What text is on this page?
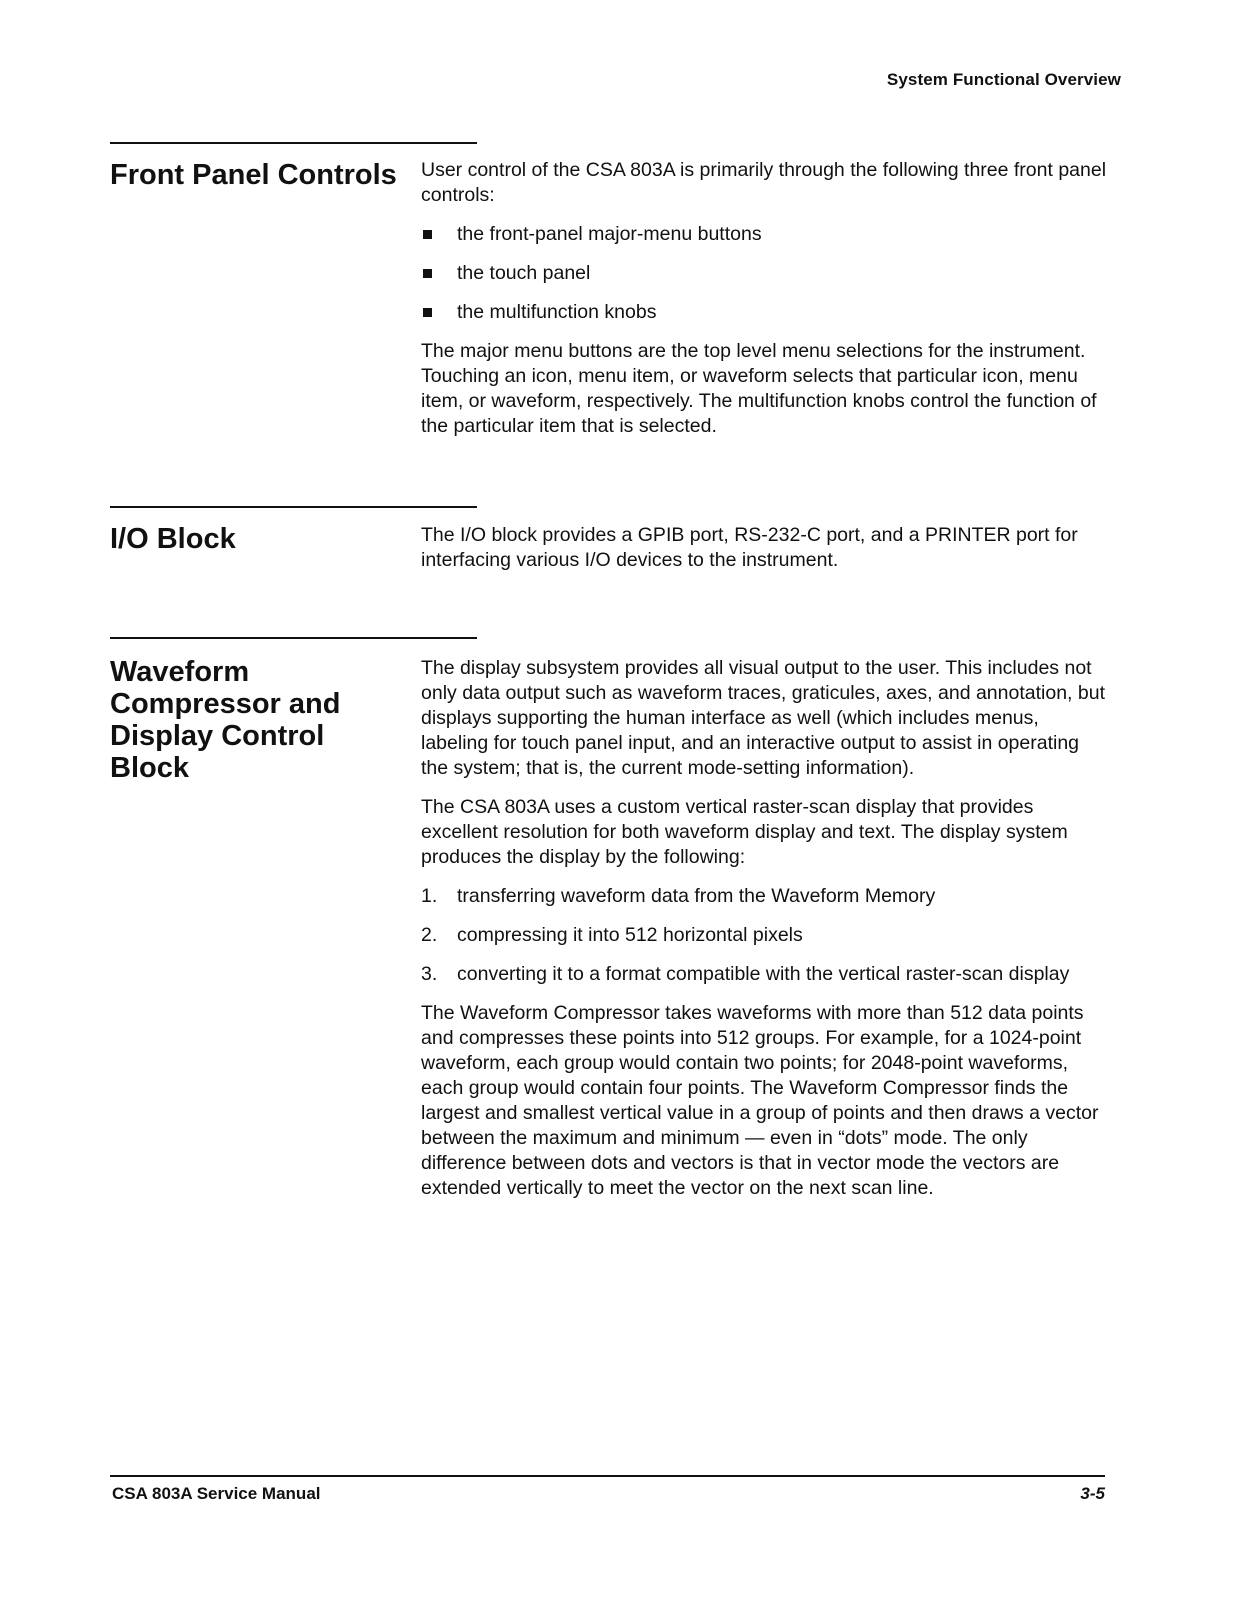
System Functional Overview
Front Panel Controls	User control of the CSA 803A is primarily through the following three front panel controls:

the front-panel major-menu buttons
the touch panel
the multifunction knobs

The major menu buttons are the top level menu selections for the instrument. Touching an icon, menu item, or waveform selects that particular icon, menu item, or waveform, respectively. The multifunction knobs control the function of the particular item that is selected.

I/O Block	The I/O block provides a GPIB port, RS-232-C port, and a PRINTER port for interfacing various I/O devices to the instrument.

Waveform Compressor and Display Control Block

The display subsystem provides all visual output to the user. This includes not only data output such as waveform traces, graticules, axes, and annotation, but displays supporting the human interface as well (which includes menus, labeling for touch panel input, and an interactive output to assist in operating the system; that is, the current mode-setting information).

The CSA 803A uses a custom vertical raster-scan display that provides excellent resolution for both waveform display and text. The display system produces the display by the following:

1. transferring waveform data from the Waveform Memory
2. compressing it into 512 horizontal pixels
3. converting it to a format compatible with the vertical raster-scan display

The Waveform Compressor takes waveforms with more than 512 data points and compresses these points into 512 groups. For example, for a 1024-point waveform, each group would contain two points; for 2048-point waveforms, each group would contain four points. The Waveform Compressor finds the largest and smallest vertical value in a group of points and then draws a vector between the maximum and minimum — even in “dots” mode. The only difference between dots and vectors is that in vector mode the vectors are extended vertically to meet the vector on the next scan line.

CSA 803A Service Manual	3-5
